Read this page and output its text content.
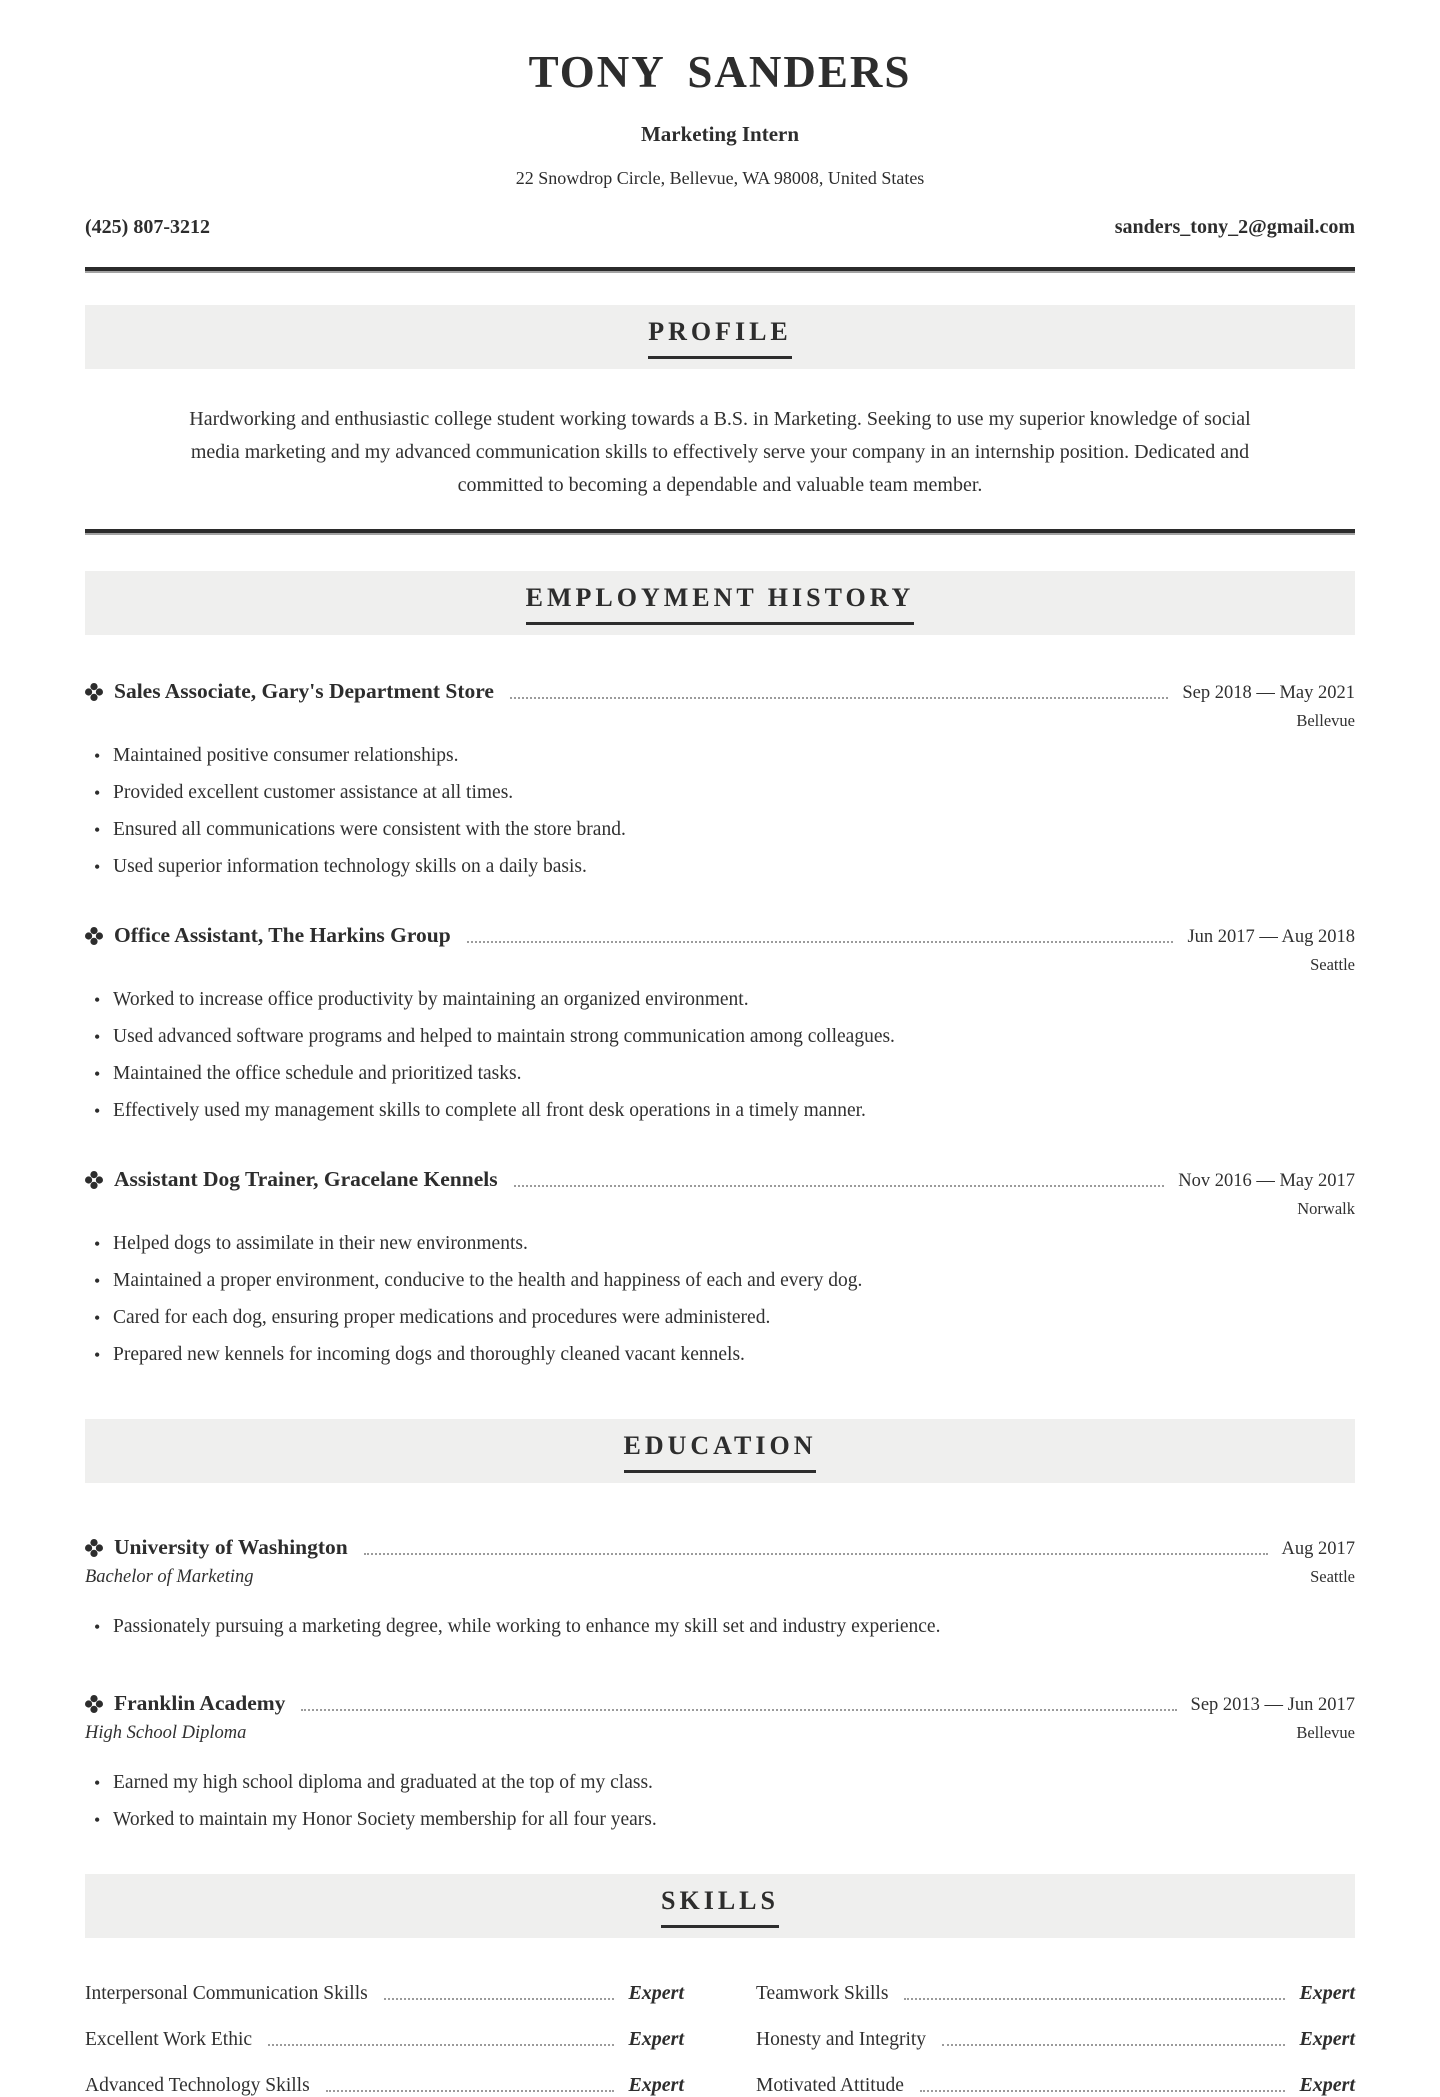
TONY SANDERS
Marketing Intern
22 Snowdrop Circle, Bellevue, WA 98008, United States
(425) 807-3212	sanders_tony_2@gmail.com
PROFILE

Hardworking and enthusiastic college student working towards a B.S. in Marketing. Seeking to use my superior knowledge of social media marketing and my advanced communication skills to effectively serve your company in an internship position. Dedicated and committed to becoming a dependable and valuable team member.

EMPLOYMENT HISTORY
Sales Associate, Gary's Department Store	Sep 2018 — May 2021
Bellevue
• Maintained positive consumer relationships.
• Provided excellent customer assistance at all times.
• Ensured all communications were consistent with the store brand.
• Used superior information technology skills on a daily basis.
Office Assistant, The Harkins Group	Jun 2017 — Aug 2018
Seattle
• Worked to increase office productivity by maintaining an organized environment.
• Used advanced software programs and helped to maintain strong communication among colleagues.
• Maintained the office schedule and prioritized tasks.
• Effectively used my management skills to complete all front desk operations in a timely manner.
Assistant Dog Trainer, Gracelane Kennels	Nov 2016 — May 2017
Norwalk
• Helped dogs to assimilate in their new environments.
• Maintained a proper environment, conducive to the health and happiness of each and every dog.
• Cared for each dog, ensuring proper medications and procedures were administered.
• Prepared new kennels for incoming dogs and thoroughly cleaned vacant kennels.
EDUCATION
University of Washington	Aug 2017
Bachelor of Marketing	Seattle
• Passionately pursuing a marketing degree, while working to enhance my skill set and industry experience.
Franklin Academy	Sep 2013 — Jun 2017
High School Diploma	Bellevue
• Earned my high school diploma and graduated at the top of my class.
• Worked to maintain my Honor Society membership for all four years.
SKILLS
Interpersonal Communication Skills	Expert
Excellent Work Ethic	Expert
Advanced Technology Skills	Expert
Teamwork Skills	Expert
Honesty and Integrity	Expert
Motivated Attitude	Expert
